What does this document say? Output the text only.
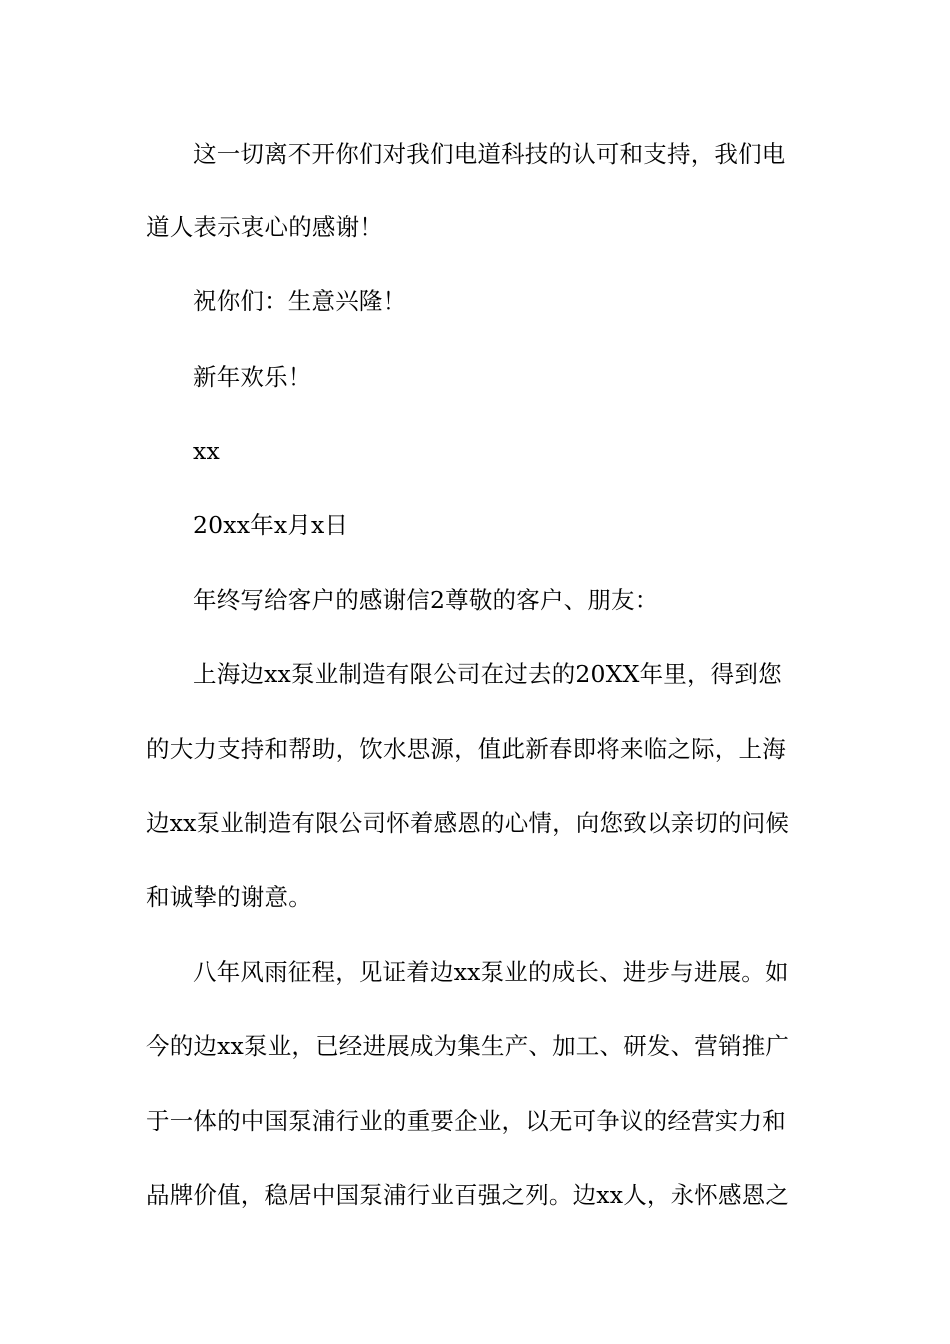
这一切离不开你们对我们电道科技的认可和支持，我们电
道人表示衷心的感谢！
祝你们：生意兴隆！
新年欢乐！
xx
20xx年x月x日
年终写给客户的感谢信2尊敬的客户、朋友：
上海边xx泵业制造有限公司在过去的20XX年里，得到您
的大力支持和帮助，饮水思源，值此新春即将来临之际，上海
边xx泵业制造有限公司怀着感恩的心情，向您致以亲切的问候
和诚挚的谢意。
八年风雨征程，见证着边xx泵业的成长、进步与进展。如
今的边xx泵业，已经进展成为集生产、加工、研发、营销推广
于一体的中国泵浦行业的重要企业，以无可争议的经营实力和
品牌价值，稳居中国泵浦行业百强之列。边xx人，永怀感恩之
